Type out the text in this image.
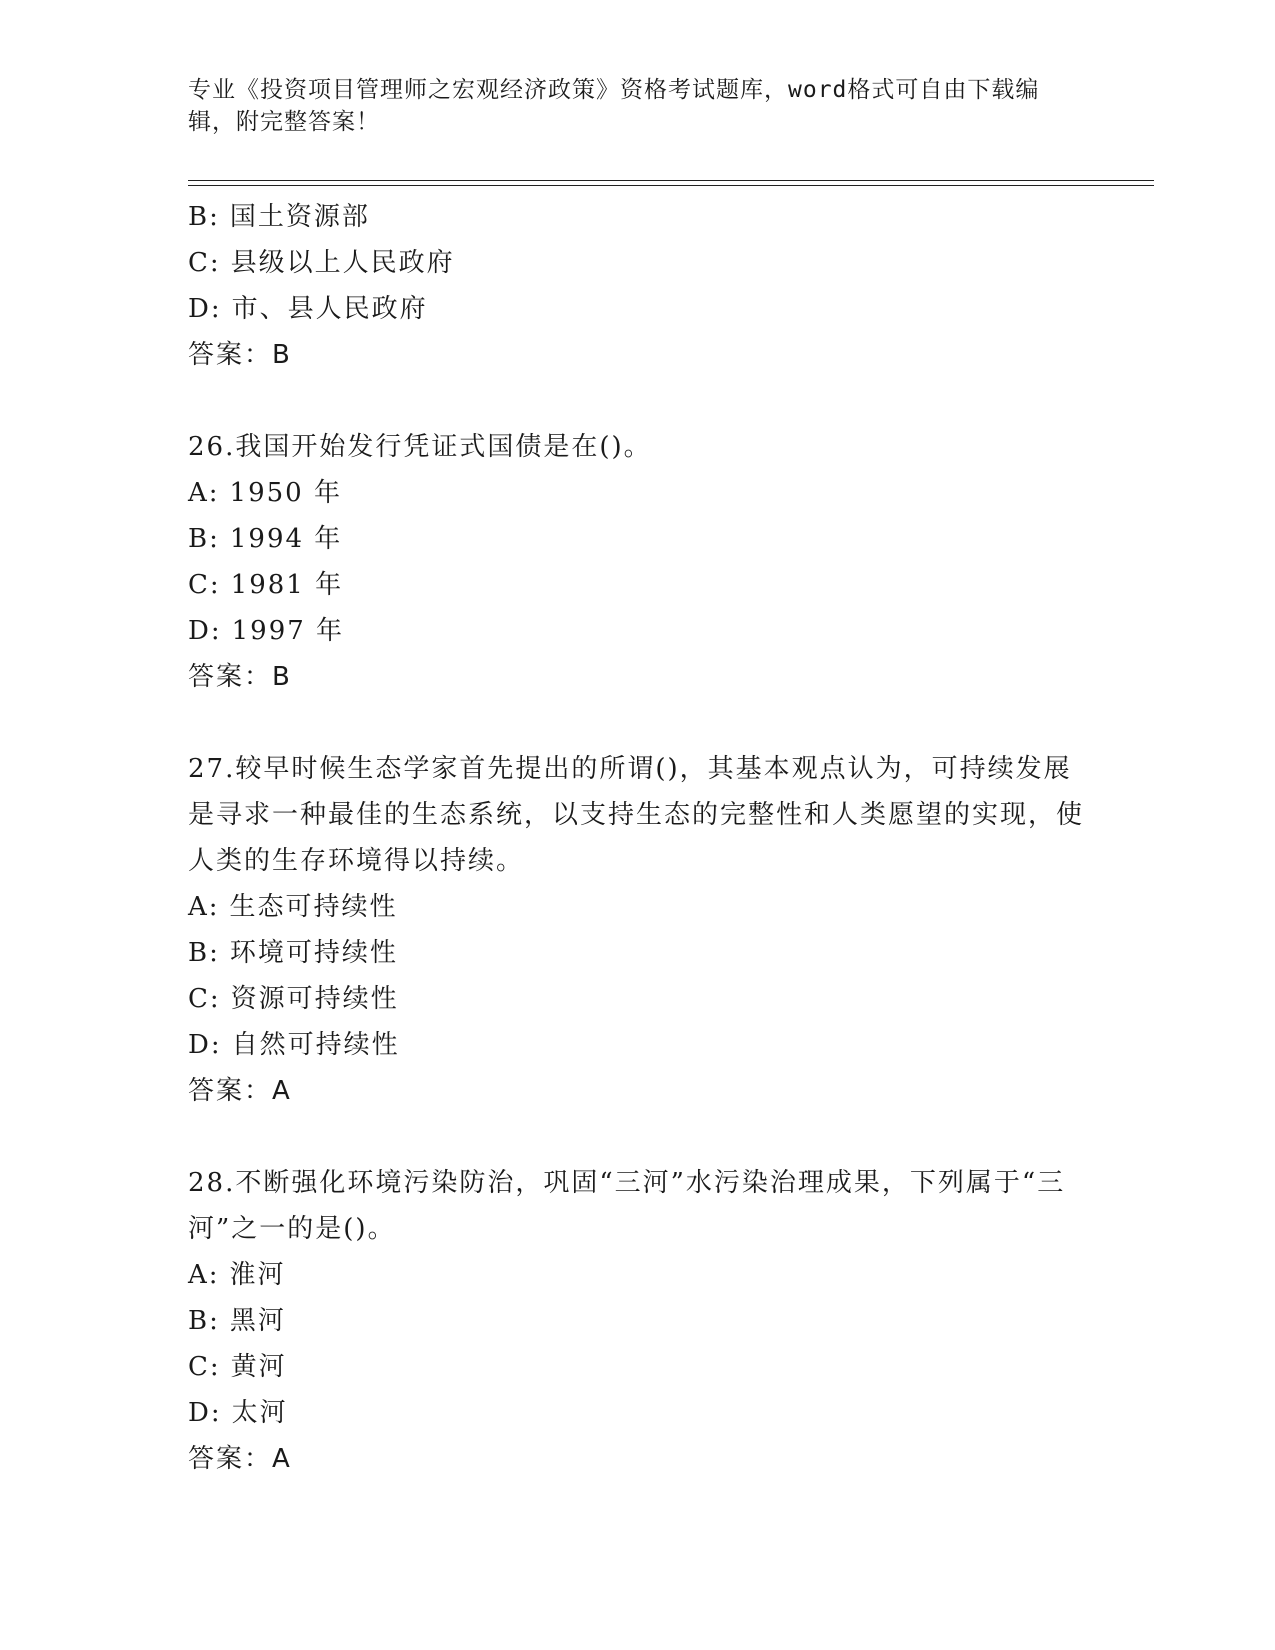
专业《投资项目管理师之宏观经济政策》资格考试题库，word格式可自由下载编辑，附完整答案！
B: 国土资源部
C: 县级以上人民政府
D: 市、县人民政府
答案：B
26.我国开始发行凭证式国债是在()。
A: 1950 年
B: 1994 年
C: 1981 年
D: 1997 年
答案：B
27.较早时候生态学家首先提出的所谓()，其基本观点认为，可持续发展是寻求一种最佳的生态系统，以支持生态的完整性和人类愿望的实现，使人类的生存环境得以持续。
A: 生态可持续性
B: 环境可持续性
C: 资源可持续性
D: 自然可持续性
答案：A
28.不断强化环境污染防治，巩固“三河”水污染治理成果，下列属于“三河”之一的是()。
A: 淮河
B: 黑河
C: 黄河
D: 太河
答案：A
